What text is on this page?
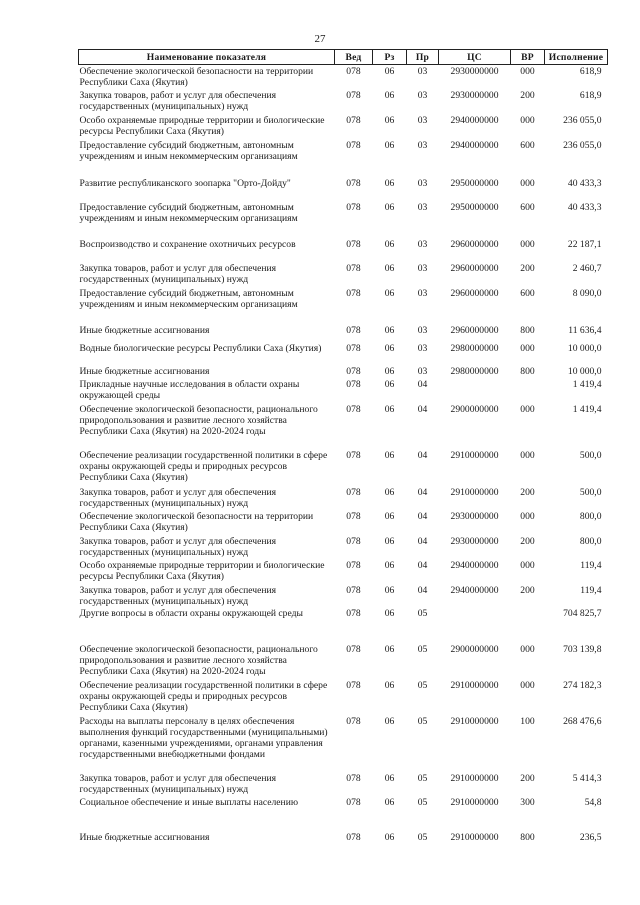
27
Наименование показателя	Вед	Рз	Пр	ЦС	ВР	Исполнение
Обеспечение экологической безопасности на территории Республики Саха (Якутия)	078	06	03	2930000000	000	618,9
Закупка товаров, работ и услуг для обеспечения государственных (муниципальных) нужд	078	06	03	2930000000	200	618,9
Особо охраняемые природные территории и биологические ресурсы Республики Саха (Якутия)	078	06	03	2940000000	000	236 055,0
Предоставление субсидий бюджетным, автономным учреждениям и иным некоммерческим организациям	078	06	03	2940000000	600	236 055,0
Развитие республиканского зоопарка "Орто-Дойду"	078	06	03	2950000000	000	40 433,3
Предоставление субсидий бюджетным, автономным учреждениям и иным некоммерческим организациям	078	06	03	2950000000	600	40 433,3
Воспроизводство и сохранение охотничьих ресурсов	078	06	03	2960000000	000	22 187,1
Закупка товаров, работ и услуг для обеспечения государственных (муниципальных) нужд	078	06	03	2960000000	200	2 460,7
Предоставление субсидий бюджетным, автономным учреждениям и иным некоммерческим организациям	078	06	03	2960000000	600	8 090,0
Иные бюджетные ассигнования	078	06	03	2960000000	800	11 636,4
Водные биологические ресурсы Республики Саха (Якутия)	078	06	03	2980000000	000	10 000,0
Иные бюджетные ассигнования	078	06	03	2980000000	800	10 000,0
Прикладные научные исследования в области охраны окружающей среды	078	06	04			1 419,4
Обеспечение экологической безопасности, рационального природопользования и развитие лесного хозяйства Республики Саха (Якутия) на 2020-2024 годы	078	06	04	2900000000	000	1 419,4
Обеспечение реализации государственной политики в сфере охраны окружающей среды и природных ресурсов Республики Саха (Якутия)	078	06	04	2910000000	000	500,0
Закупка товаров, работ и услуг для обеспечения государственных (муниципальных) нужд	078	06	04	2910000000	200	500,0
Обеспечение экологической безопасности на территории Республики Саха (Якутия)	078	06	04	2930000000	000	800,0
Закупка товаров, работ и услуг для обеспечения государственных (муниципальных) нужд	078	06	04	2930000000	200	800,0
Особо охраняемые природные территории и биологические ресурсы Республики Саха (Якутия)	078	06	04	2940000000	000	119,4
Закупка товаров, работ и услуг для обеспечения государственных (муниципальных) нужд	078	06	04	2940000000	200	119,4
Другие вопросы в области охраны окружающей среды	078	06	05			704 825,7
Обеспечение экологической безопасности, рационального природопользования и развитие лесного хозяйства Республики Саха (Якутия) на 2020-2024 годы	078	06	05	2900000000	000	703 139,8
Обеспечение реализации государственной политики в сфере охраны окружающей среды и природных ресурсов Республики Саха (Якутия)	078	06	05	2910000000	000	274 182,3
Расходы на выплаты персоналу в целях обеспечения выполнения функций государственными (муниципальными) органами, казенными учреждениями, органами управления государственными внебюджетными фондами	078	06	05	2910000000	100	268 476,6
Закупка товаров, работ и услуг для обеспечения государственных (муниципальных) нужд	078	06	05	2910000000	200	5 414,3
Социальное обеспечение и иные выплаты населению	078	06	05	2910000000	300	54,8
Иные бюджетные ассигнования	078	06	05	2910000000	800	236,5
